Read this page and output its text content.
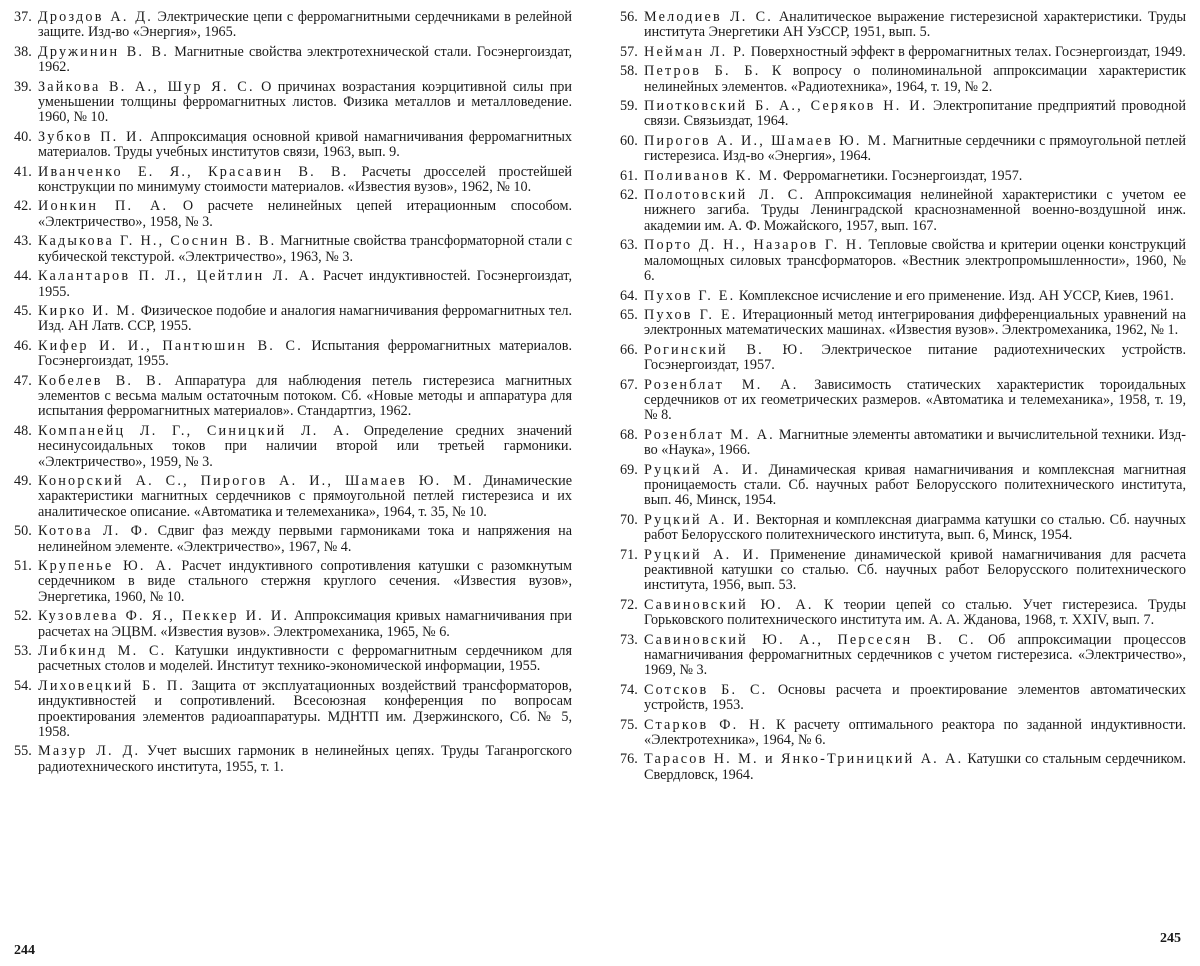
37. Дроздов А. Д. Электрические цепи с ферромагнитными сердечниками в релейной защите. Изд-во «Энергия», 1965.
38. Дружинин В. В. Магнитные свойства электротехнической стали. Госэнергоиздат, 1962.
39. Зайкова В. А., Шур Я. С. О причинах возрастания коэрцитивной силы при уменьшении толщины ферромагнитных листов. Физика металлов и металловедение. 1960, № 10.
40. Зубков П. И. Аппроксимация основной кривой намагничивания ферромагнитных материалов. Труды учебных институтов связи, 1963, вып. 9.
41. Иванченко Е. Я., Красавин В. В. Расчеты дросселей простейшей конструкции по минимуму стоимости материалов. «Известия вузов», 1962, № 10.
42. Ионкин П. А. О расчете нелинейных цепей итерационным способом. «Электричество», 1958, № 3.
43. Кадыкова Г. Н., Соснин В. В. Магнитные свойства трансформаторной стали с кубической текстурой. «Электричество», 1963, № 3.
44. Калантаров П. Л., Цейтлин Л. А. Расчет индуктивностей. Госэнергоиздат, 1955.
45. Кирко И. М. Физическое подобие и аналогия намагничивания ферромагнитных тел. Изд. АН Латв. ССР, 1955.
46. Кифер И. И., Пантюшин В. С. Испытания ферромагнитных материалов. Госэнергоиздат, 1955.
47. Кобелев В. В. Аппаратура для наблюдения петель гистерезиса магнитных элементов с весьма малым остаточным потоком. Сб. «Новые методы и аппаратура для испытания ферромагнитных материалов». Стандартгиз, 1962.
48. Компанейц Л. Г., Синицкий Л. А. Определение средних значений несинусоидальных токов при наличии второй или третьей гармоники. «Электричество», 1959, № 3.
49. Конорский А. С., Пирогов А. И., Шамаев Ю. М. Динамические характеристики магнитных сердечников с прямоугольной петлей гистерезиса и их аналитическое описание. «Автоматика и телемеханика», 1964, т. 35, № 10.
50. Котова Л. Ф. Сдвиг фаз между первыми гармониками тока и напряжения на нелинейном элементе. «Электричество», 1967, № 4.
51. Крупенье Ю. А. Расчет индуктивного сопротивления катушки с разомкнутым сердечником в виде стального стержня круглого сечения. «Известия вузов», Энергетика, 1960, № 10.
52. Кузовлева Ф. Я., Пеккер И. И. Аппроксимация кривых намагничивания при расчетах на ЭЦВМ. «Известия вузов». Электромеханика, 1965, № 6.
53. Либкинд М. С. Катушки индуктивности с ферромагнитным сердечником для расчетных столов и моделей. Институт технико-экономической информации, 1955.
54. Лиховецкий Б. П. Защита от эксплуатационных воздействий трансформаторов, индуктивностей и сопротивлений. Всесоюзная конференция по вопросам проектирования элементов радиоаппаратуры. МДНТП им. Дзержинского, Сб. № 5, 1958.
55. Мазур Л. Д. Учет высших гармоник в нелинейных цепях. Труды Таганрогского радиотехнического института, 1955, т. 1.
56. Мелодиев Л. С. Аналитическое выражение гистерезисной характеристики. Труды института Энергетики АН УзССР, 1951, вып. 5.
57. Нейман Л. Р. Поверхностный эффект в ферромагнитных телах. Госэнергоиздат, 1949.
58. Петров Б. Б. К вопросу о полиноминальной аппроксимации характеристик нелинейных элементов. «Радиотехника», 1964, т. 19, № 2.
59. Пиотковский Б. А., Серяков Н. И. Электропитание предприятий проводной связи. Связьиздат, 1964.
60. Пирогов А. И., Шамаев Ю. М. Магнитные сердечники с прямоугольной петлей гистерезиса. Изд-во «Энергия», 1964.
61. Поливанов К. М. Ферромагнетики. Госэнергоиздат, 1957.
62. Полотовский Л. С. Аппроксимация нелинейной характеристики с учетом ее нижнего загиба. Труды Ленинградской краснознаменной военно-воздушной инж. академии им. А. Ф. Можайского, 1957, вып. 167.
63. Порто Д. Н., Назаров Г. Н. Тепловые свойства и критерии оценки конструкций маломощных силовых трансформаторов. «Вестник электропромышленности», 1960, № 6.
64. Пухов Г. Е. Комплексное исчисление и его применение. Изд. АН УССР, Киев, 1961.
65. Пухов Г. Е. Итерационный метод интегрирования дифференциальных уравнений на электронных математических машинах. «Известия вузов». Электромеханика, 1962, № 1.
66. Рогинский В. Ю. Электрическое питание радиотехнических устройств. Госэнергоиздат, 1957.
67. Розенблат М. А. Зависимость статических характеристик тороидальных сердечников от их геометрических размеров. «Автоматика и телемеханика», 1958, т. 19, № 8.
68. Розенблат М. А. Магнитные элементы автоматики и вычислительной техники. Изд-во «Наука», 1966.
69. Руцкий А. И. Динамическая кривая намагничивания и комплексная магнитная проницаемость стали. Сб. научных работ Белорусского политехнического института, вып. 46, Минск, 1954.
70. Руцкий А. И. Векторная и комплексная диаграмма катушки со сталью. Сб. научных работ Белорусского политехнического института, вып. 6, Минск, 1954.
71. Руцкий А. И. Применение динамической кривой намагничивания для расчета реактивной катушки со сталью. Сб. научных работ Белорусского политехнического института, 1956, вып. 53.
72. Савиновский Ю. А. К теории цепей со сталью. Учет гистерезиса. Труды Горьковского политехнического института им. А. А. Жданова, 1968, т. XXIV, вып. 7.
73. Савиновский Ю. А., Персесян В. С. Об аппроксимации процессов намагничивания ферромагнитных сердечников с учетом гистерезиса. «Электричество», 1969, № 3.
74. Сотсков Б. С. Основы расчета и проектирование элементов автоматических устройств, 1953.
75. Старков Ф. Н. К расчету оптимального реактора по заданной индуктивности. «Электротехника», 1964, № 6.
76. Тарасов Н. М. и Янко-Триницкий А. А. Катушки со стальным сердечником. Свердловск, 1964.
244
245
